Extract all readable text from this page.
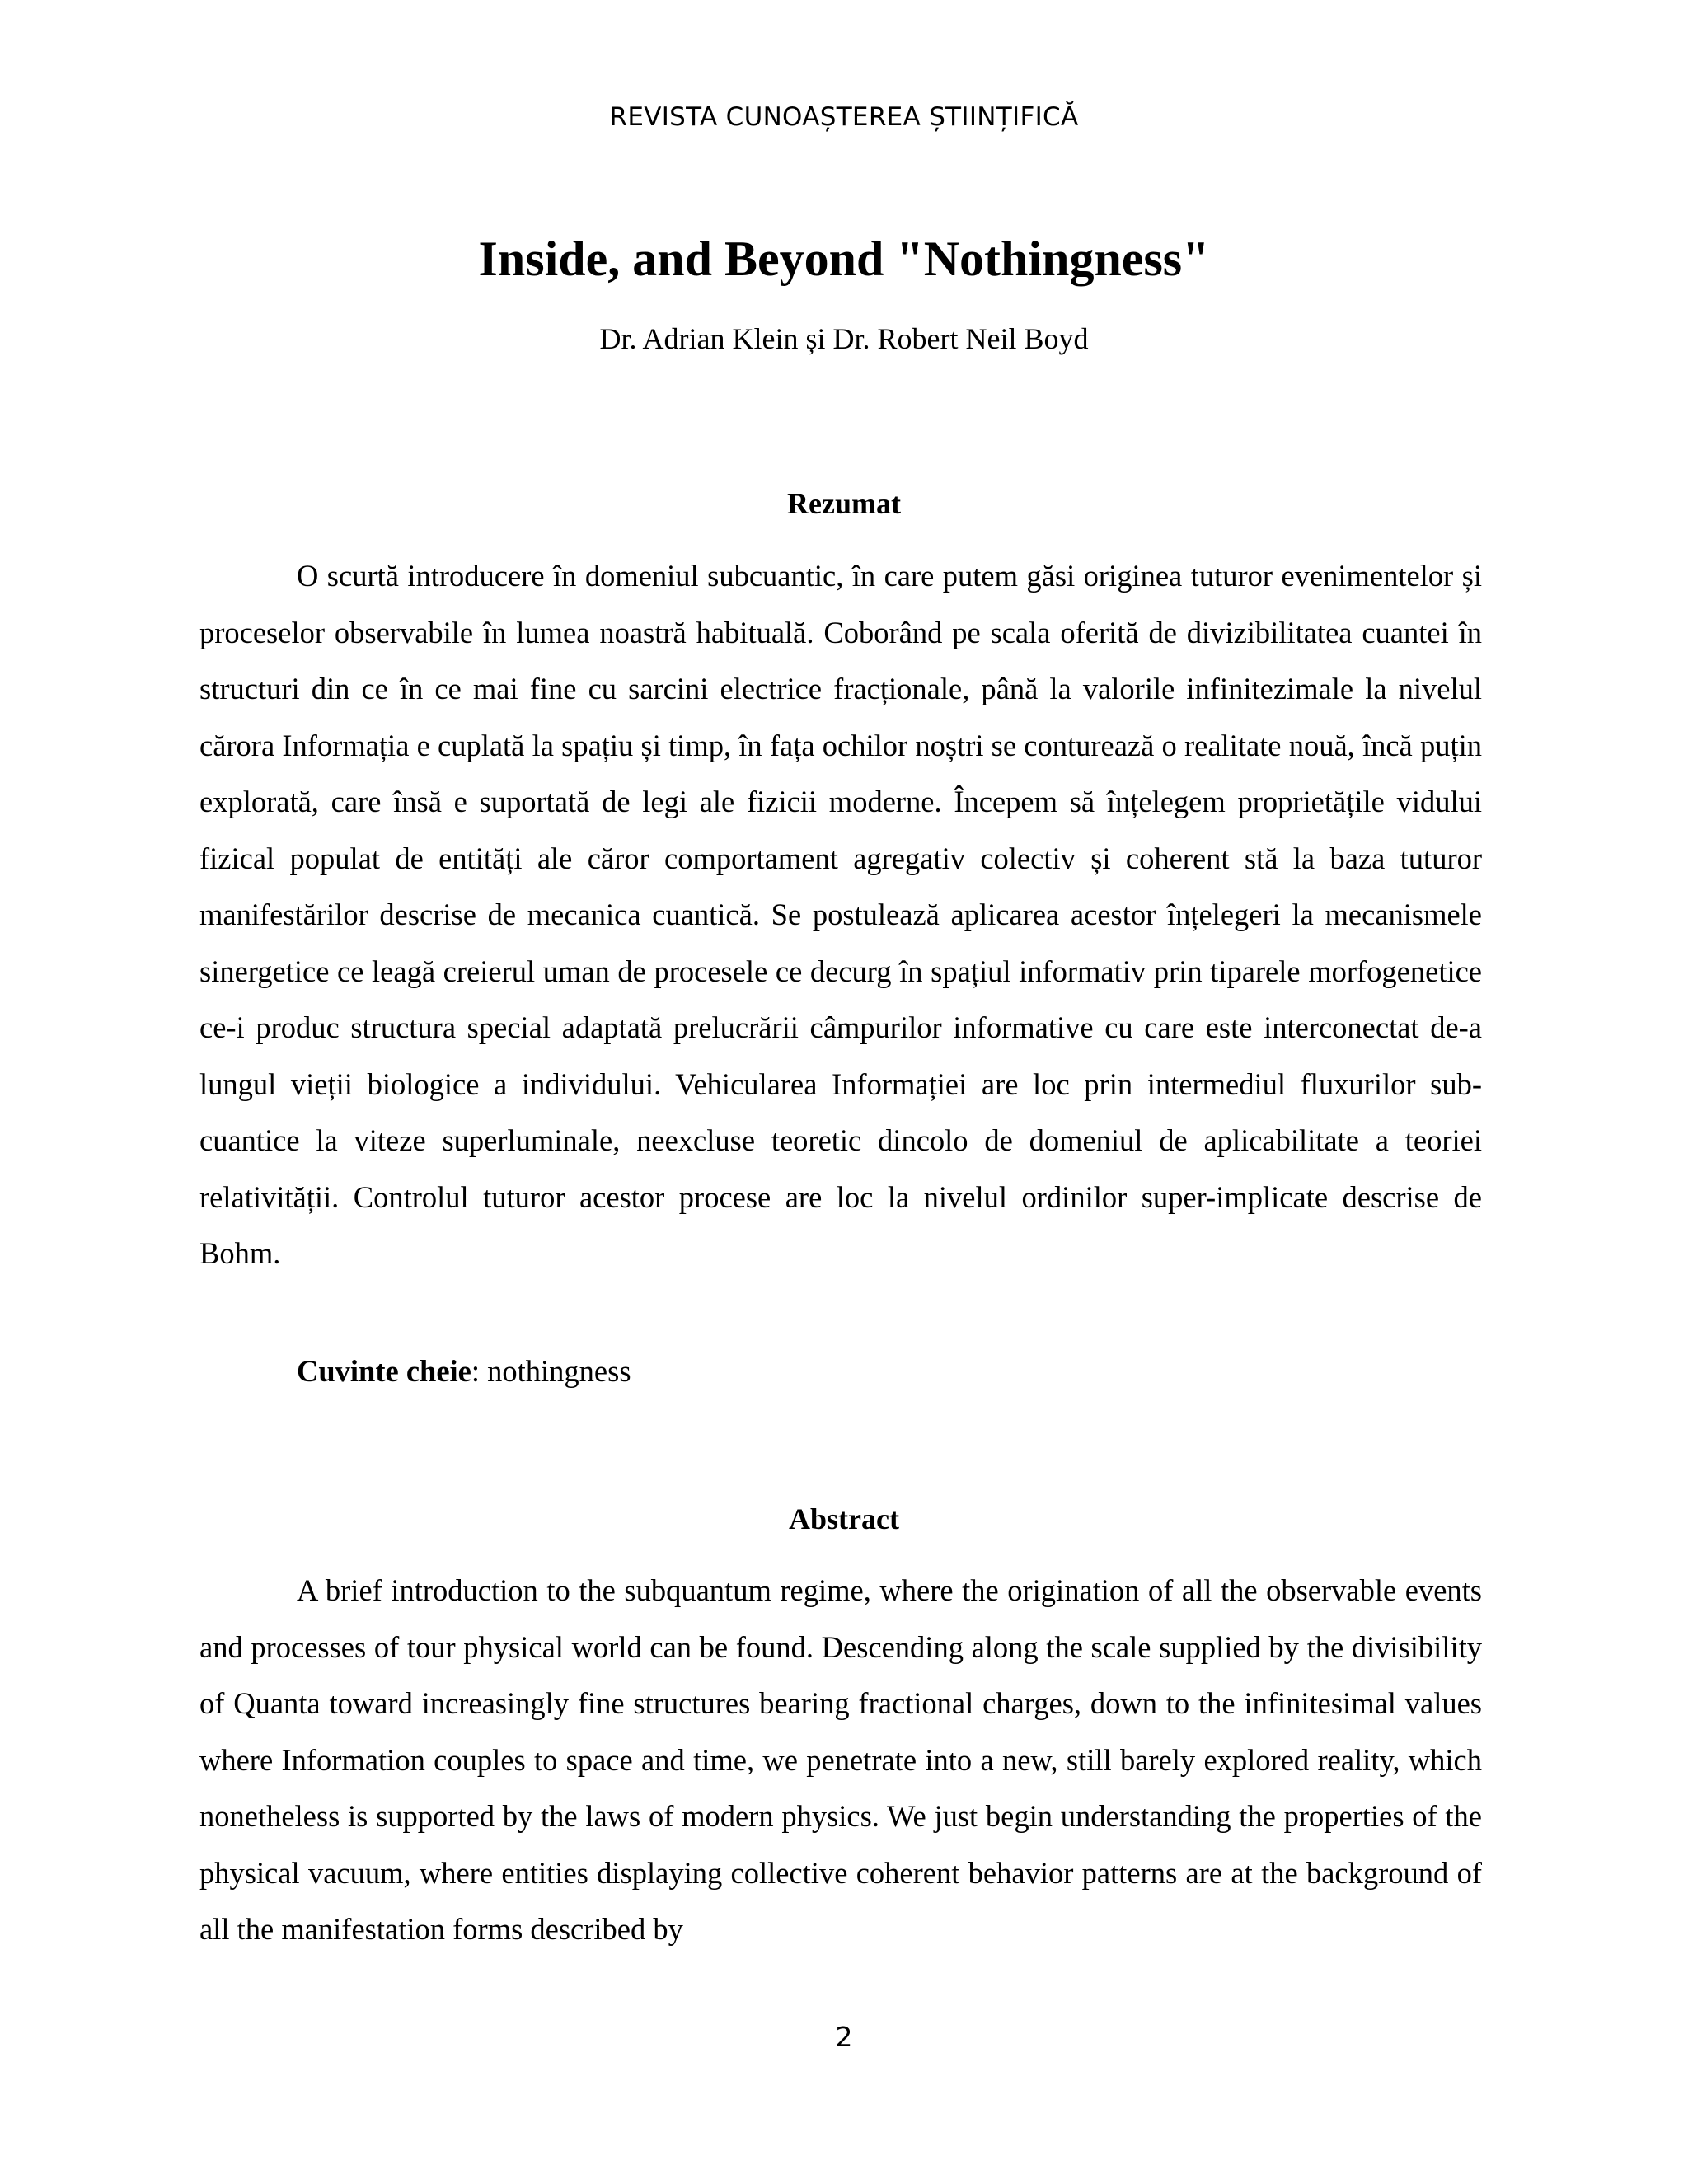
REVISTA CUNOAȘTEREA ȘTIINȚIFICĂ
Inside, and Beyond "Nothingness"
Dr. Adrian Klein și Dr. Robert Neil Boyd
Rezumat

O scurtă introducere în domeniul subcuantic, în care putem găsi originea tuturor evenimentelor și proceselor observabile în lumea noastră habituală. Coborând pe scala oferită de divizibilitatea cuantei în structuri din ce în ce mai fine cu sarcini electrice fracționale, până la valorile infinitezimale la nivelul cărora Informația e cuplată la spațiu și timp, în fața ochilor noștri se conturează o realitate nouă, încă puțin explorată, care însă e suportată de legi ale fizicii moderne. Începem să înțelegem proprietățile vidului fizical populat de entități ale căror comportament agregativ colectiv și coherent stă la baza tuturor manifestărilor descrise de mecanica cuantică. Se postulează aplicarea acestor înțelegeri la mecanismele sinergetice ce leagă creierul uman de procesele ce decurg în spațiul informativ prin tiparele morfogenetice ce-i produc structura special adaptată prelucrării câmpurilor informative cu care este interconectat de-a lungul vieții biologice a individului. Vehicularea Informației are loc prin intermediul fluxurilor sub-cuantice la viteze superluminale, neexcluse teoretic dincolo de domeniul de aplicabilitate a teoriei relativității. Controlul tuturor acestor procese are loc la nivelul ordinilor super-implicate descrise de Bohm.

Cuvinte cheie: nothingness
Abstract

A brief introduction to the subquantum regime, where the origination of all the observable events and processes of tour physical world can be found. Descending along the scale supplied by the divisibility of Quanta toward increasingly fine structures bearing fractional charges, down to the infinitesimal values where Information couples to space and time, we penetrate into a new, still barely explored reality, which nonetheless is supported by the laws of modern physics. We just begin understanding the properties of the physical vacuum, where entities displaying collective coherent behavior patterns are at the background of all the manifestation forms described by

2
